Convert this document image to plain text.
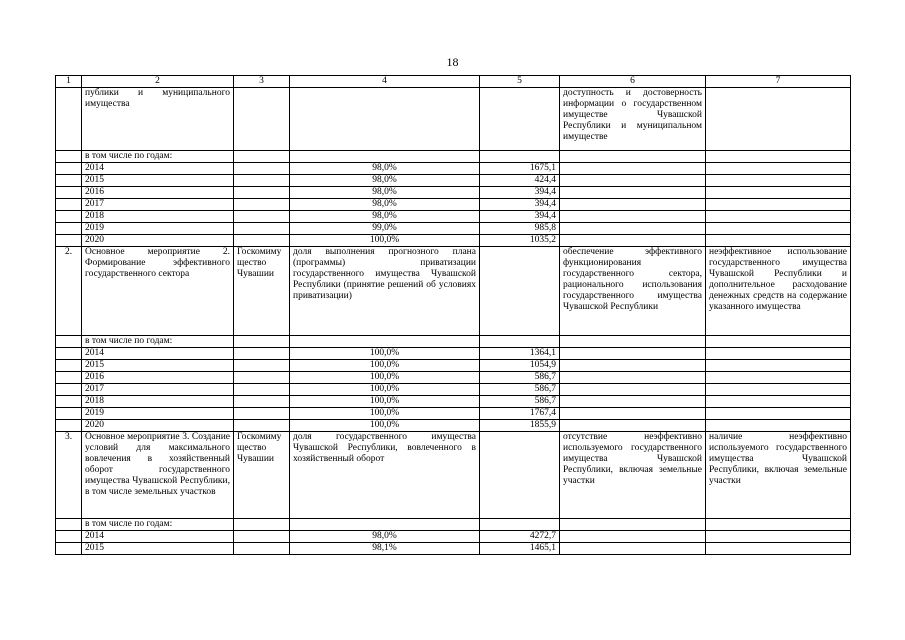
18
1	2	3	4	5	6	7
	публики и муниципального имущества				доступность и достоверность информации о государственном имуществе Чувашской Республики и муниципальном имуществе	
	в том числе по годам:					
	2014		98,0%	1675,1		
	2015		98,0%	424,4		
	2016		98,0%	394,4		
	2017		98,0%	394,4		
	2018		98,0%	394,4		
	2019		99,0%	985,8		
	2020		100,0%	1035,2		
2.	Основное мероприятие 2. Формирование эффективного государственного сектора	Госкомимущество Чувашии	доля выполнения прогнозного плана (программы) приватизации государственного имущества Чувашской Республики (принятие решений об условиях приватизации)		обеспечение эффективного функционирования государственного сектора, рационального использования государственного имущества Чувашской Республики	неэффективное использование государственного имущества Чувашской Республики и дополнительное расходование денежных средств на содержание указанного имущества
	в том числе по годам:					
	2014		100,0%	1364,1		
	2015		100,0%	1054,9		
	2016		100,0%	586,7		
	2017		100,0%	586,7		
	2018		100,0%	586,7		
	2019		100,0%	1767,4		
	2020		100,0%	1855,9		
3.	Основное мероприятие 3. Создание условий для максимального вовлечения в хозяйственный оборот государственного имущества Чувашской Республики, в том числе земельных участков	Госкомимущество Чувашии	доля государственного имущества Чувашской Республики, вовлеченного в хозяйственный оборот		отсутствие неэффективно используемого государственного имущества Чувашской Республики, включая земельные участки	наличие неэффективно используемого государственного имущества Чувашской Республики, включая земельные участки
	в том числе по годам:					
	2014		98,0%	4272,7		
	2015		98,1%	1465,1		
